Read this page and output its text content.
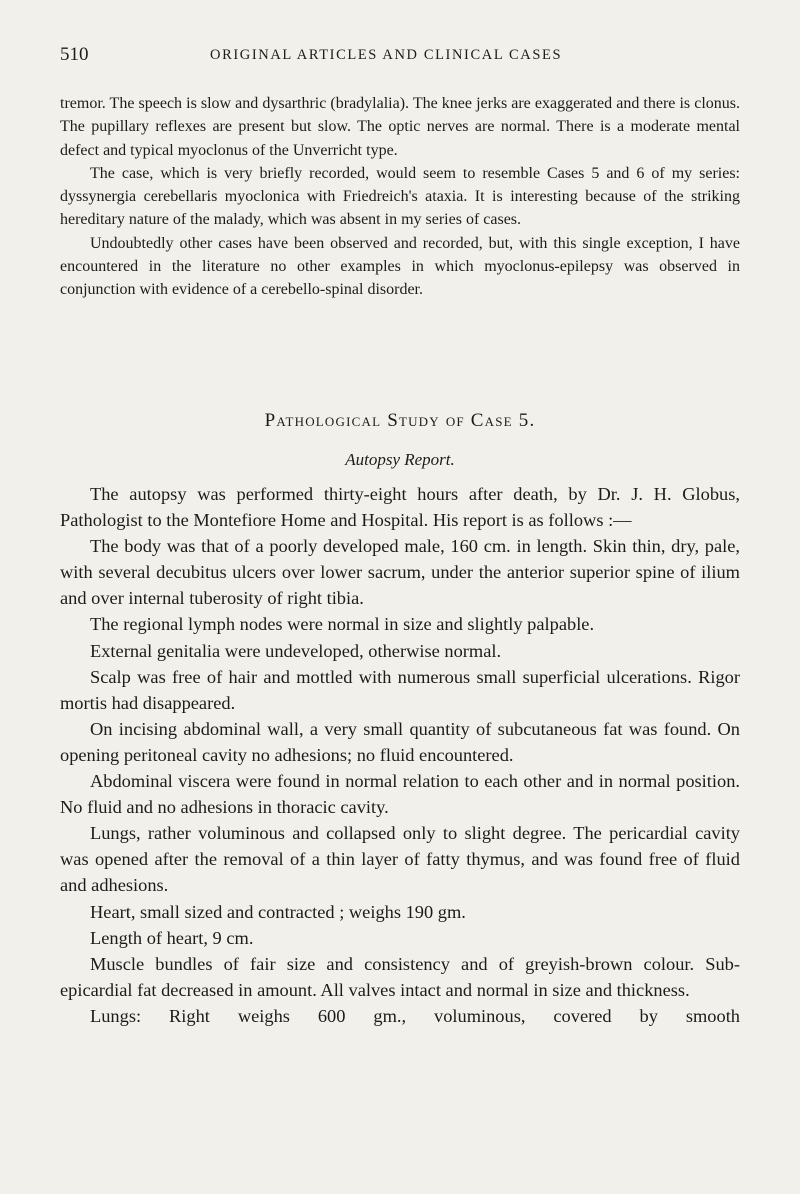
510	ORIGINAL ARTICLES AND CLINICAL CASES

tremor. The speech is slow and dysarthric (bradylalia). The knee jerks are exaggerated and there is clonus. The pupillary reflexes are present but slow. The optic nerves are normal. There is a moderate mental defect and typical myoclonus of the Unverricht type.

The case, which is very briefly recorded, would seem to resemble Cases 5 and 6 of my series: dyssynergia cerebellaris myoclonica with Friedreich's ataxia. It is interesting because of the striking hereditary nature of the malady, which was absent in my series of cases.

Undoubtedly other cases have been observed and recorded, but, with this single exception, I have encountered in the literature no other examples in which myoclonus-epilepsy was observed in conjunction with evidence of a cerebello-spinal disorder.

Pathological Study of Case 5.
Autopsy Report.

The autopsy was performed thirty-eight hours after death, by Dr. J. H. Globus, Pathologist to the Montefiore Home and Hospital. His report is as follows :—

The body was that of a poorly developed male, 160 cm. in length. Skin thin, dry, pale, with several decubitus ulcers over lower sacrum, under the anterior superior spine of ilium and over internal tuberosity of right tibia.

The regional lymph nodes were normal in size and slightly palpable.

External genitalia were undeveloped, otherwise normal.

Scalp was free of hair and mottled with numerous small superficial ulcerations. Rigor mortis had disappeared.

On incising abdominal wall, a very small quantity of subcutaneous fat was found. On opening peritoneal cavity no adhesions; no fluid encountered.

Abdominal viscera were found in normal relation to each other and in normal position. No fluid and no adhesions in thoracic cavity.

Lungs, rather voluminous and collapsed only to slight degree. The pericardial cavity was opened after the removal of a thin layer of fatty thymus, and was found free of fluid and adhesions.

Heart, small sized and contracted ; weighs 190 gm.

Length of heart, 9 cm.

Muscle bundles of fair size and consistency and of greyish-brown colour. Sub-epicardial fat decreased in amount. All valves intact and normal in size and thickness.

Lungs: Right weighs 600 gm., voluminous, covered by smooth
